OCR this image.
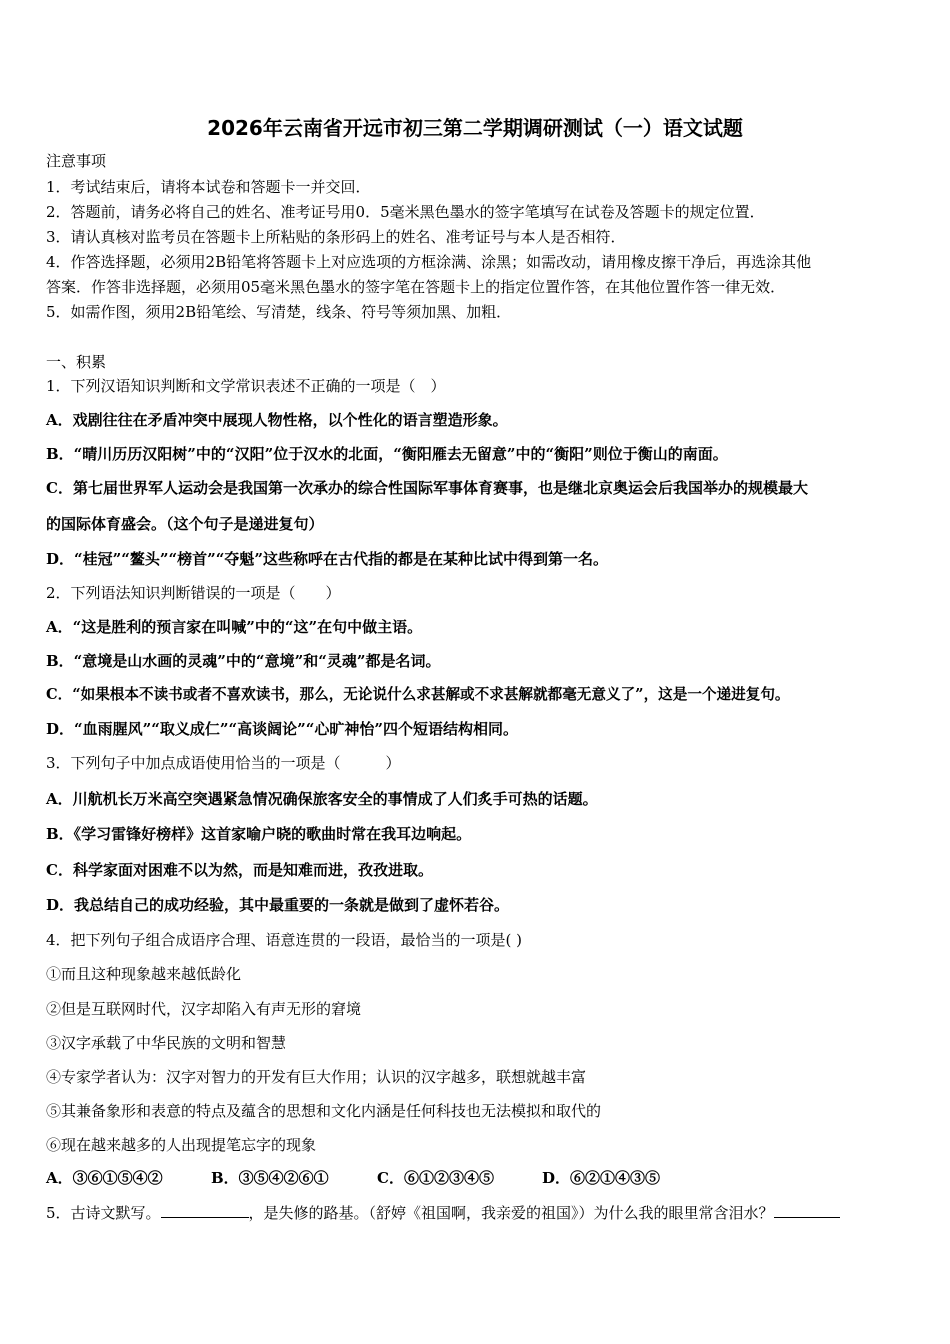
2026年云南省开远市初三第二学期调研测试（一）语文试题
注意事项
1．考试结束后，请将本试卷和答题卡一并交回．
2．答题前，请务必将自己的姓名、准考证号用0．5毫米黑色墨水的签字笔填写在试卷及答题卡的规定位置．
3．请认真核对监考员在答题卡上所粘贴的条形码上的姓名、准考证号与本人是否相符．
4．作答选择题，必须用2B铅笔将答题卡上对应选项的方框涂满、涂黑；如需改动，请用橡皮擦干净后，再选涂其他
答案．作答非选择题，必须用05毫米黑色墨水的签字笔在答题卡上的指定位置作答，在其他位置作答一律无效．
5．如需作图，须用2B铅笔绘、写清楚，线条、符号等须加黑、加粗．
一、积累
1．下列汉语知识判断和文学常识表述不正确的一项是（　）
A．戏剧往往在矛盾冲突中展现人物性格，以个性化的语言塑造形象。
B．“晴川历历汉阳树”中的“汉阳”位于汉水的北面，“衡阳雁去无留意”中的“衡阳”则位于衡山的南面。
C．第七届世界军人运动会是我国第一次承办的综合性国际军事体育赛事，也是继北京奥运会后我国举办的规模最大
的国际体育盛会。（这个句子是递进复句）
D．“桂冠”“鳌头”“榜首”“夺魁”这些称呼在古代指的都是在某种比试中得到第一名。
2．下列语法知识判断错误的一项是（　　）
A．“这是胜利的预言家在叫喊”中的“这”在句中做主语。
B．“意境是山水画的灵魂”中的“意境”和“灵魂”都是名词。
C．“如果根本不读书或者不喜欢读书，那么，无论说什么求甚解或不求甚解就都毫无意义了”，这是一个递进复句。
D．“血雨腥风”“取义成仁”“高谈阔论”“心旷神怡”四个短语结构相同。
3．下列句子中加点成语使用恰当的一项是（　　　）
A．川航机长万米高空突遇紧急情况确保旅客安全的事情成了人们炙手可热的话题。
B．《学习雷锋好榜样》这首家喻户晓的歌曲时常在我耳边响起。
C．科学家面对困难不以为然，而是知难而进，孜孜进取。
D．我总结自己的成功经验，其中最重要的一条就是做到了虚怀若谷。
4．把下列句子组合成语序合理、语意连贯的一段语，最恰当的一项是( )
①而且这种现象越来越低龄化
②但是互联网时代，汉字却陷入有声无形的窘境
③汉字承载了中华民族的文明和智慧
④专家学者认为：汉字对智力的开发有巨大作用；认识的汉字越多，联想就越丰富
⑤其兼备象形和表意的特点及蕴含的思想和文化内涵是任何科技也无法模拟和取代的
⑥现在越来越多的人出现提笔忘字的现象
A．③⑥①⑤④②	B．③⑤④②⑥①	C．⑥①②③④⑤	D．⑥②①④③⑤
5．古诗文默写。	，是失修的路基。（舒婷《祖国啊，我亲爱的祖国》）为什么我的眼里常含泪水？
